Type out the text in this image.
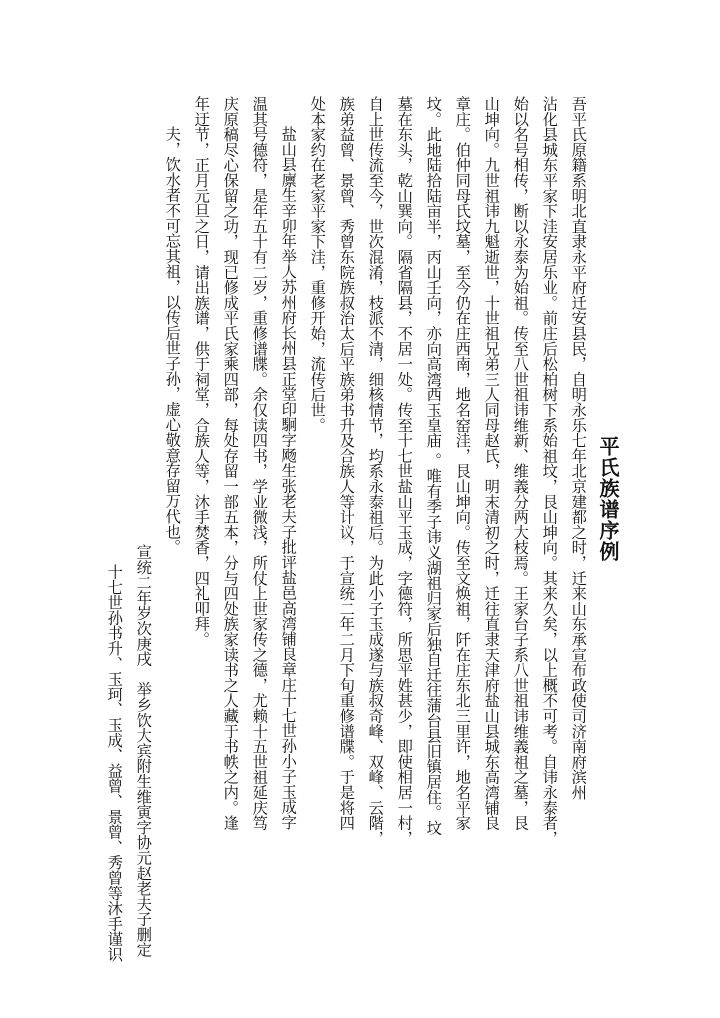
平氏族谱序例
吾平氏原籍系明北直隶永平府迁安县民，自明永乐七年北京建都之时，迁来山东承宣布政使司济南府滨州
沾化县城东平家下洼安居乐业。前庄后松柏树下系始祖坟，艮山坤向。其来久矣，以上概不可考。自讳永泰者，
始以名号相传，断以永泰为始祖。传至八世祖讳维新、维義分两大枝焉。王家台子系八世祖讳维義祖之墓，艮
山坤向。九世祖讳九魁逝世，十世祖兄弟三人同母赵氏，明末清初之时，迁往直隶天津府盐山县城东高湾铺良
章庄。伯仲同母氏坟墓，至今仍在庄西南，地名窑洼，艮山坤向。传至文焕祖，阡在庄东北三里许，地名平家
坟。此地陆拾陆亩半，丙山壬向，亦向高湾西玉皇庙 。唯有季子讳义湖祖归家后独自迁往蒲台县旧镇居住。坟
墓在东头，乾山巽向。隔省隔县，不居一处。传至十七世盐山平玉成，字德符，所思平姓甚少，即使相居一村，
自上世传流至今，世次混淆，枝派不清，细核情节，均系永泰祖后。为此小子玉成遂与族叔奇峰、双峰、云階，
族弟益曾、景曾、秀曾东院族叔治太后平族弟书升及合族人等计议，于宣统二年二月下旬重修谱牒。于是将四
处本家约在老家平家下洼，重修开始，流传后世。
盐山县廪生辛卯年举人苏州府长州县正堂印駉字飏生张老夫子批评盐邑高湾铺良章庄十七世孙小子玉成字
温其号德符，是年五十有二岁，重修谱牒。余仅读四书，学业微浅，所仗上世家传之德，尤赖十五世祖延庆笃
庆原稿尽心保留之功，现已修成平氏家乘四部，每处存留一部五本，分与四处族家读书之人藏于书帙之内。逢
年迂节，正月元旦之日，请出族谱，供于祠堂，合族人等，沐手焚香，四礼叩拜。
夫，饮水者不可忘其祖，以传后世子孙，虚心敬意存留万代也。
宣统二年岁次庚戌　举乡饮大宾附生维寅字协元赵老夫子删定
十七世孙书升、玉珂、玉成、益曾、景曾、秀曾等沐手谨识
